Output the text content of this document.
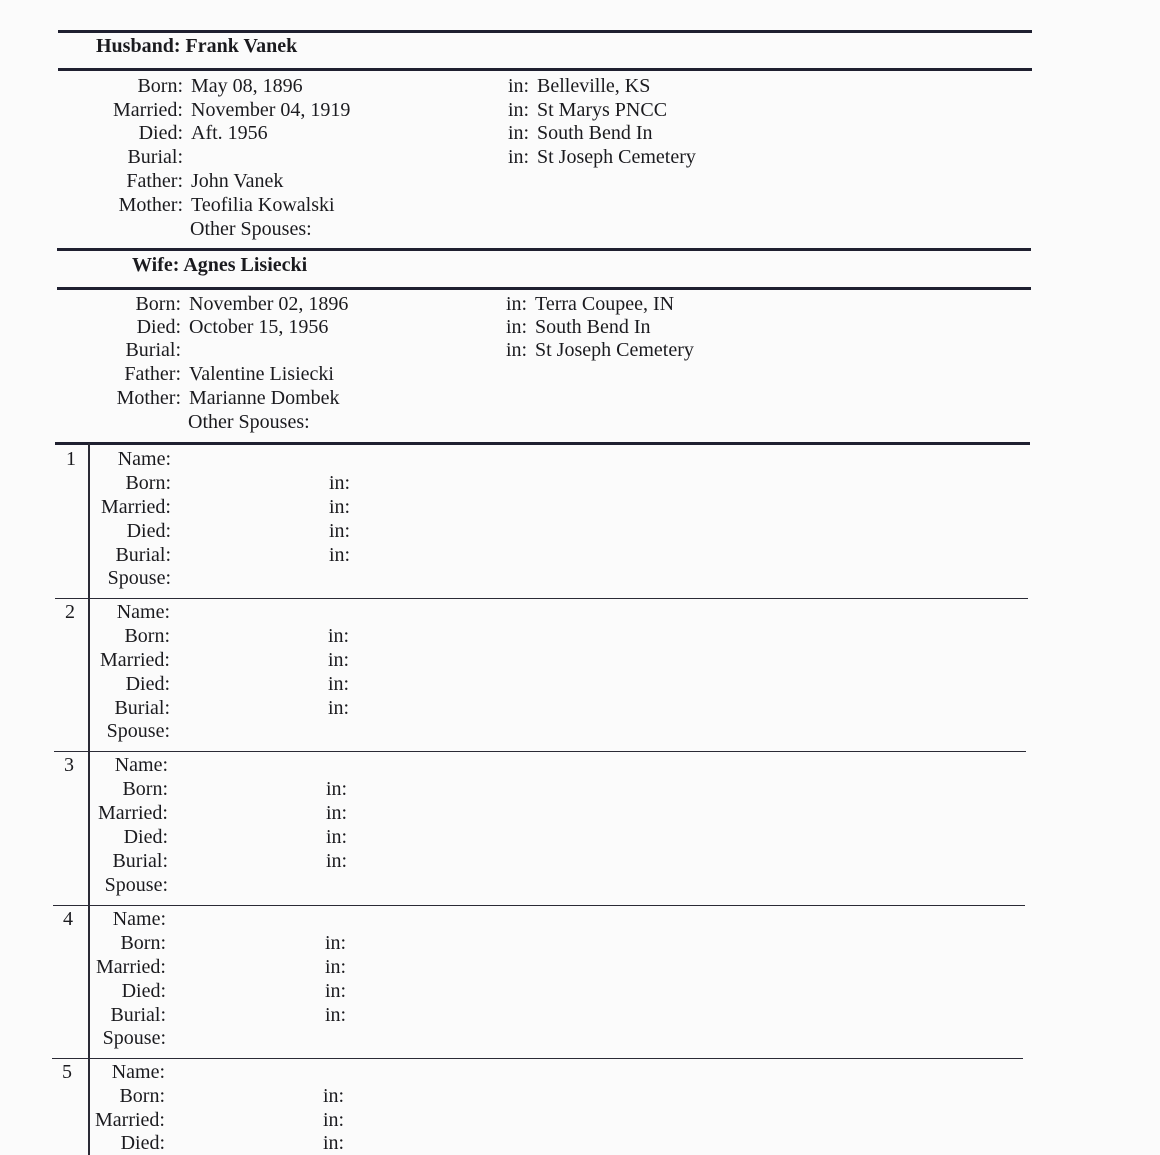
Husband: Frank Vanek
Born: May 08, 1896	in: Belleville, KS
Married: November 04, 1919	in: St Marys PNCC
Died: Aft. 1956	in: South Bend In
Burial:	in: St Joseph Cemetery
Father: John Vanek
Mother: Teofilia Kowalski
Other Spouses:
Wife: Agnes Lisiecki
Born: November 02, 1896	in: Terra Coupee, IN
Died: October 15, 1956	in: South Bend In
Burial:	in: St Joseph Cemetery
Father: Valentine Lisiecki
Mother: Marianne Dombek
Other Spouses:
1	Name:
Born:	in:
Married:	in:
Died:	in:
Burial:	in:
Spouse:
2	Name:
Born:	in:
Married:	in:
Died:	in:
Burial:	in:
Spouse:
3	Name:
Born:	in:
Married:	in:
Died:	in:
Burial:	in:
Spouse:
4	Name:
Born:	in:
Married:	in:
Died:	in:
Burial:	in:
Spouse:
5	Name:
Born:	in:
Married:	in:
Died:	in:
